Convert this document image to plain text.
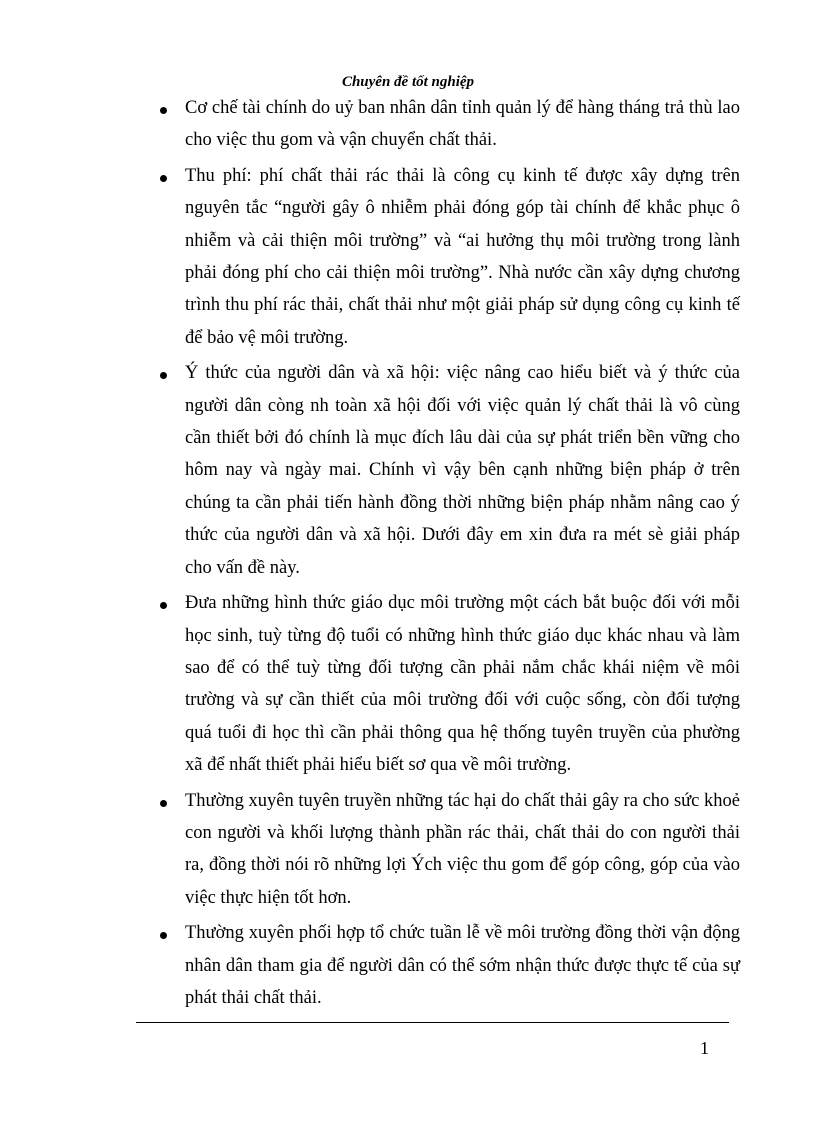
Chuyên đề tốt nghiệp
Cơ chế tài chính do uỷ ban nhân dân tỉnh quản lý để hàng tháng trả thù lao cho việc thu gom và vận chuyển chất thải.
Thu phí: phí chất thải rác thải là công cụ kinh tế được xây dựng trên nguyên tắc “người gây ô nhiễm phải đóng góp tài chính để khắc phục ô nhiễm và cải thiện môi trường” và “ai hưởng thụ môi trường trong lành phải đóng phí cho cải thiện môi trường”. Nhà nước cần xây dựng chương trình thu phí rác thải, chất thải như một giải pháp sử dụng công cụ kinh tế để bảo vệ môi trường.
Ý thức của người dân và xã hội: việc nâng cao hiểu biết và ý thức của người dân còng nh toàn xã hội đối với việc quản lý chất thải là vô cùng cần thiết bởi đó chính là mục đích lâu dài của sự phát triển bền vững cho hôm nay và ngày mai. Chính vì vậy bên cạnh những biện pháp ở trên chúng ta cần phải tiến hành đồng thời những biện pháp nhằm nâng cao ý thức của người dân và xã hội. Dưới đây em xin đưa ra mét sè giải pháp cho vấn đề này.
Đưa những hình thức giáo dục môi trường một cách bắt buộc đối với mỗi học sinh, tuỳ từng độ tuổi có những hình thức giáo dục khác nhau và làm sao để có thể tuỳ từng đối tượng cần phải nắm chắc khái niệm về môi trường và sự cần thiết của môi trường đối với cuộc sống, còn đối tượng quá tuổi đi học thì cần phải thông qua hệ thống tuyên truyền của phường xã để nhất thiết phải hiểu biết sơ qua về môi trường.
Thường xuyên tuyên truyền những tác hại do chất thải gây ra cho sức khoẻ con người và khối lượng thành phần rác thải, chất thải do con người thải ra, đồng thời nói rõ những lợi Ých việc thu gom để góp công, góp của vào việc thực hiện tốt hơn.
Thường xuyên phối hợp tổ chức tuần lễ về môi trường đồng thời vận động nhân dân tham gia để người dân có thể sớm nhận thức được thực tế của sự phát thải chất thải.
1
